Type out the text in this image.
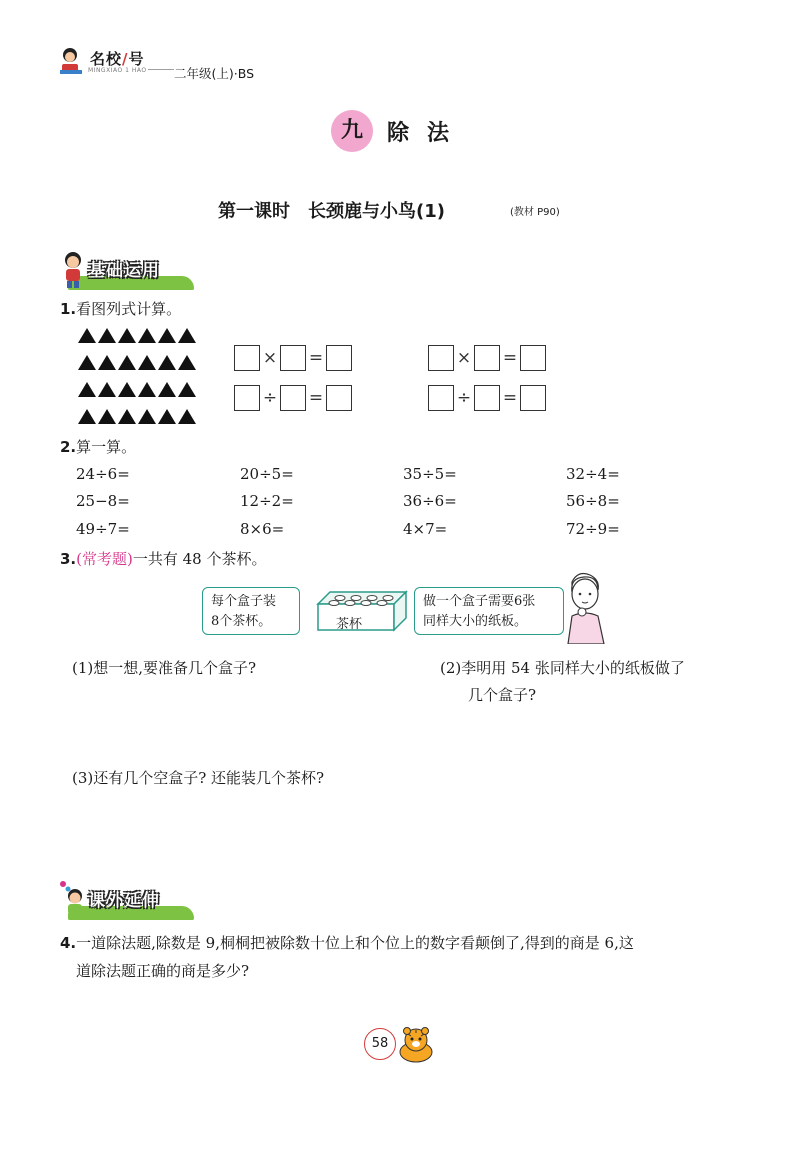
名校/号
MINGXIAO 1 HAO 二年级(上)·BS
九	除法
第一课时　长颈鹿与小鸟(1)	(教材 P90)
基础运用
1.看图列式计算。
× =
÷ =
× =
÷ =
2.算一算。
24÷6=	20÷5=	35÷5=	32÷4=
25−8=	12÷2=	36÷6=	56÷8=
49÷7=	8×6=	4×7=	72÷9=
3.(常考题)一共有 48 个茶杯。
每个盒子装
8个茶杯。	茶杯
做一个盒子需要6张
同样大小的纸板。
(1)想一想,要准备几个盒子?	(2)李明用 54 张同样大小的纸板做了
几个盒子?
(3)还有几个空盒子? 还能装几个茶杯?
课外延伸
4.一道除法题,除数是 9,桐桐把被除数十位上和个位上的数字看颠倒了,得到的商是 6,这
道除法题正确的商是多少?
58
